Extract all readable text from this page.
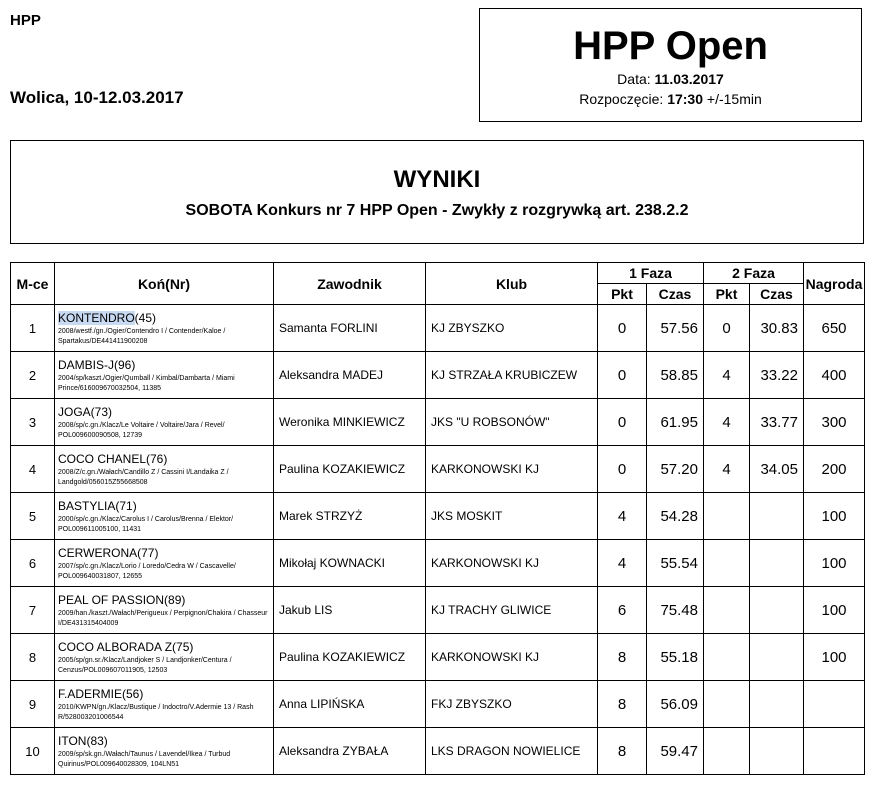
HPP
Wolica, 10-12.03.2017
HPP Open
Data: 11.03.2017
Rozpoczęcie: 17:30 +/-15min
WYNIKI
SOBOTA Konkurs nr 7 HPP Open - Zwykły z rozgrywką art. 238.2.2
M-ce	Koń(Nr)	Zawodnik	Klub	1 Faza		2 Faza		Nagroda
				Pkt	Czas	Pkt	Czas	
1	KONTENDRO(45)
2008/westf./gn./Ogier/Contendro I / Contender/Kaloe / Spartakus/DE441411900208	Samanta FORLINI	KJ ZBYSZKO	0	57.56	0	30.83	650
2	DAMBIS-J(96)
2004/sp/kaszt./Ogier/Qumball / Kimbal/Dambarta / Miami Prince/616009670032504, 11385	Aleksandra MADEJ	KJ STRZAŁA KRUBICZEW	0	58.85	4	33.22	400
3	JOGA(73)
2008/sp/c.gn./Klacz/Le Voltaire / Voltaire/Jara / Revel/ POL009600090508, 12739	Weronika MINKIEWICZ	JKS "U ROBSONÓW"	0	61.95	4	33.77	300
4	COCO CHANEL(76)
2008/Z/c.gn./Wałach/Candillo Z / Cassini I/Landaika Z / Landgold/056015Z55668508	Paulina KOZAKIEWICZ	KARKONOWSKI KJ	0	57.20	4	34.05	200
5	BASTYLIA(71)
2000/sp/c.gn./Klacz/Carolus I / Carolus/Brenna / Elektor/ POL009611005100, 11431	Marek STRZYŻ	JKS MOSKIT	4	54.28			100
6	CERWERONA(77)
2007/sp/c.gn./Klacz/Lorio / Loredo/Cedra W / Cascavelle/ POL009640031807, 12655	Mikołaj KOWNACKI	KARKONOWSKI KJ	4	55.54			100
7	PEAL OF PASSION(89)
2009/han./kaszt./Wałach/Perigueux / Perpignon/Chakira / Chasseur I/DE431315404009	Jakub LIS	KJ TRACHY GLIWICE	6	75.48			100
8	COCO ALBORADA Z(75)
2005/sp/gn.sr./Klacz/Landjoker S / Landjonker/Centura / Cenzus/POL009607011905, 12503	Paulina KOZAKIEWICZ	KARKONOWSKI KJ	8	55.18			100
9	F.ADERMIE(56)
2010/KWPN/gn./Klacz/Bustique / Indoctro/V.Adermie 13 / Rash R/528003201006544	Anna LIPIŃSKA	FKJ ZBYSZKO	8	56.09			
10	ITON(83)
2009/sp/sk.gn./Wałach/Taunus / Lavendel/Ikea / Turbud Quirinus/POL009640028309, 104LN51	Aleksandra ZYBAŁA	LKS DRAGON NOWIELICE	8	59.47			
